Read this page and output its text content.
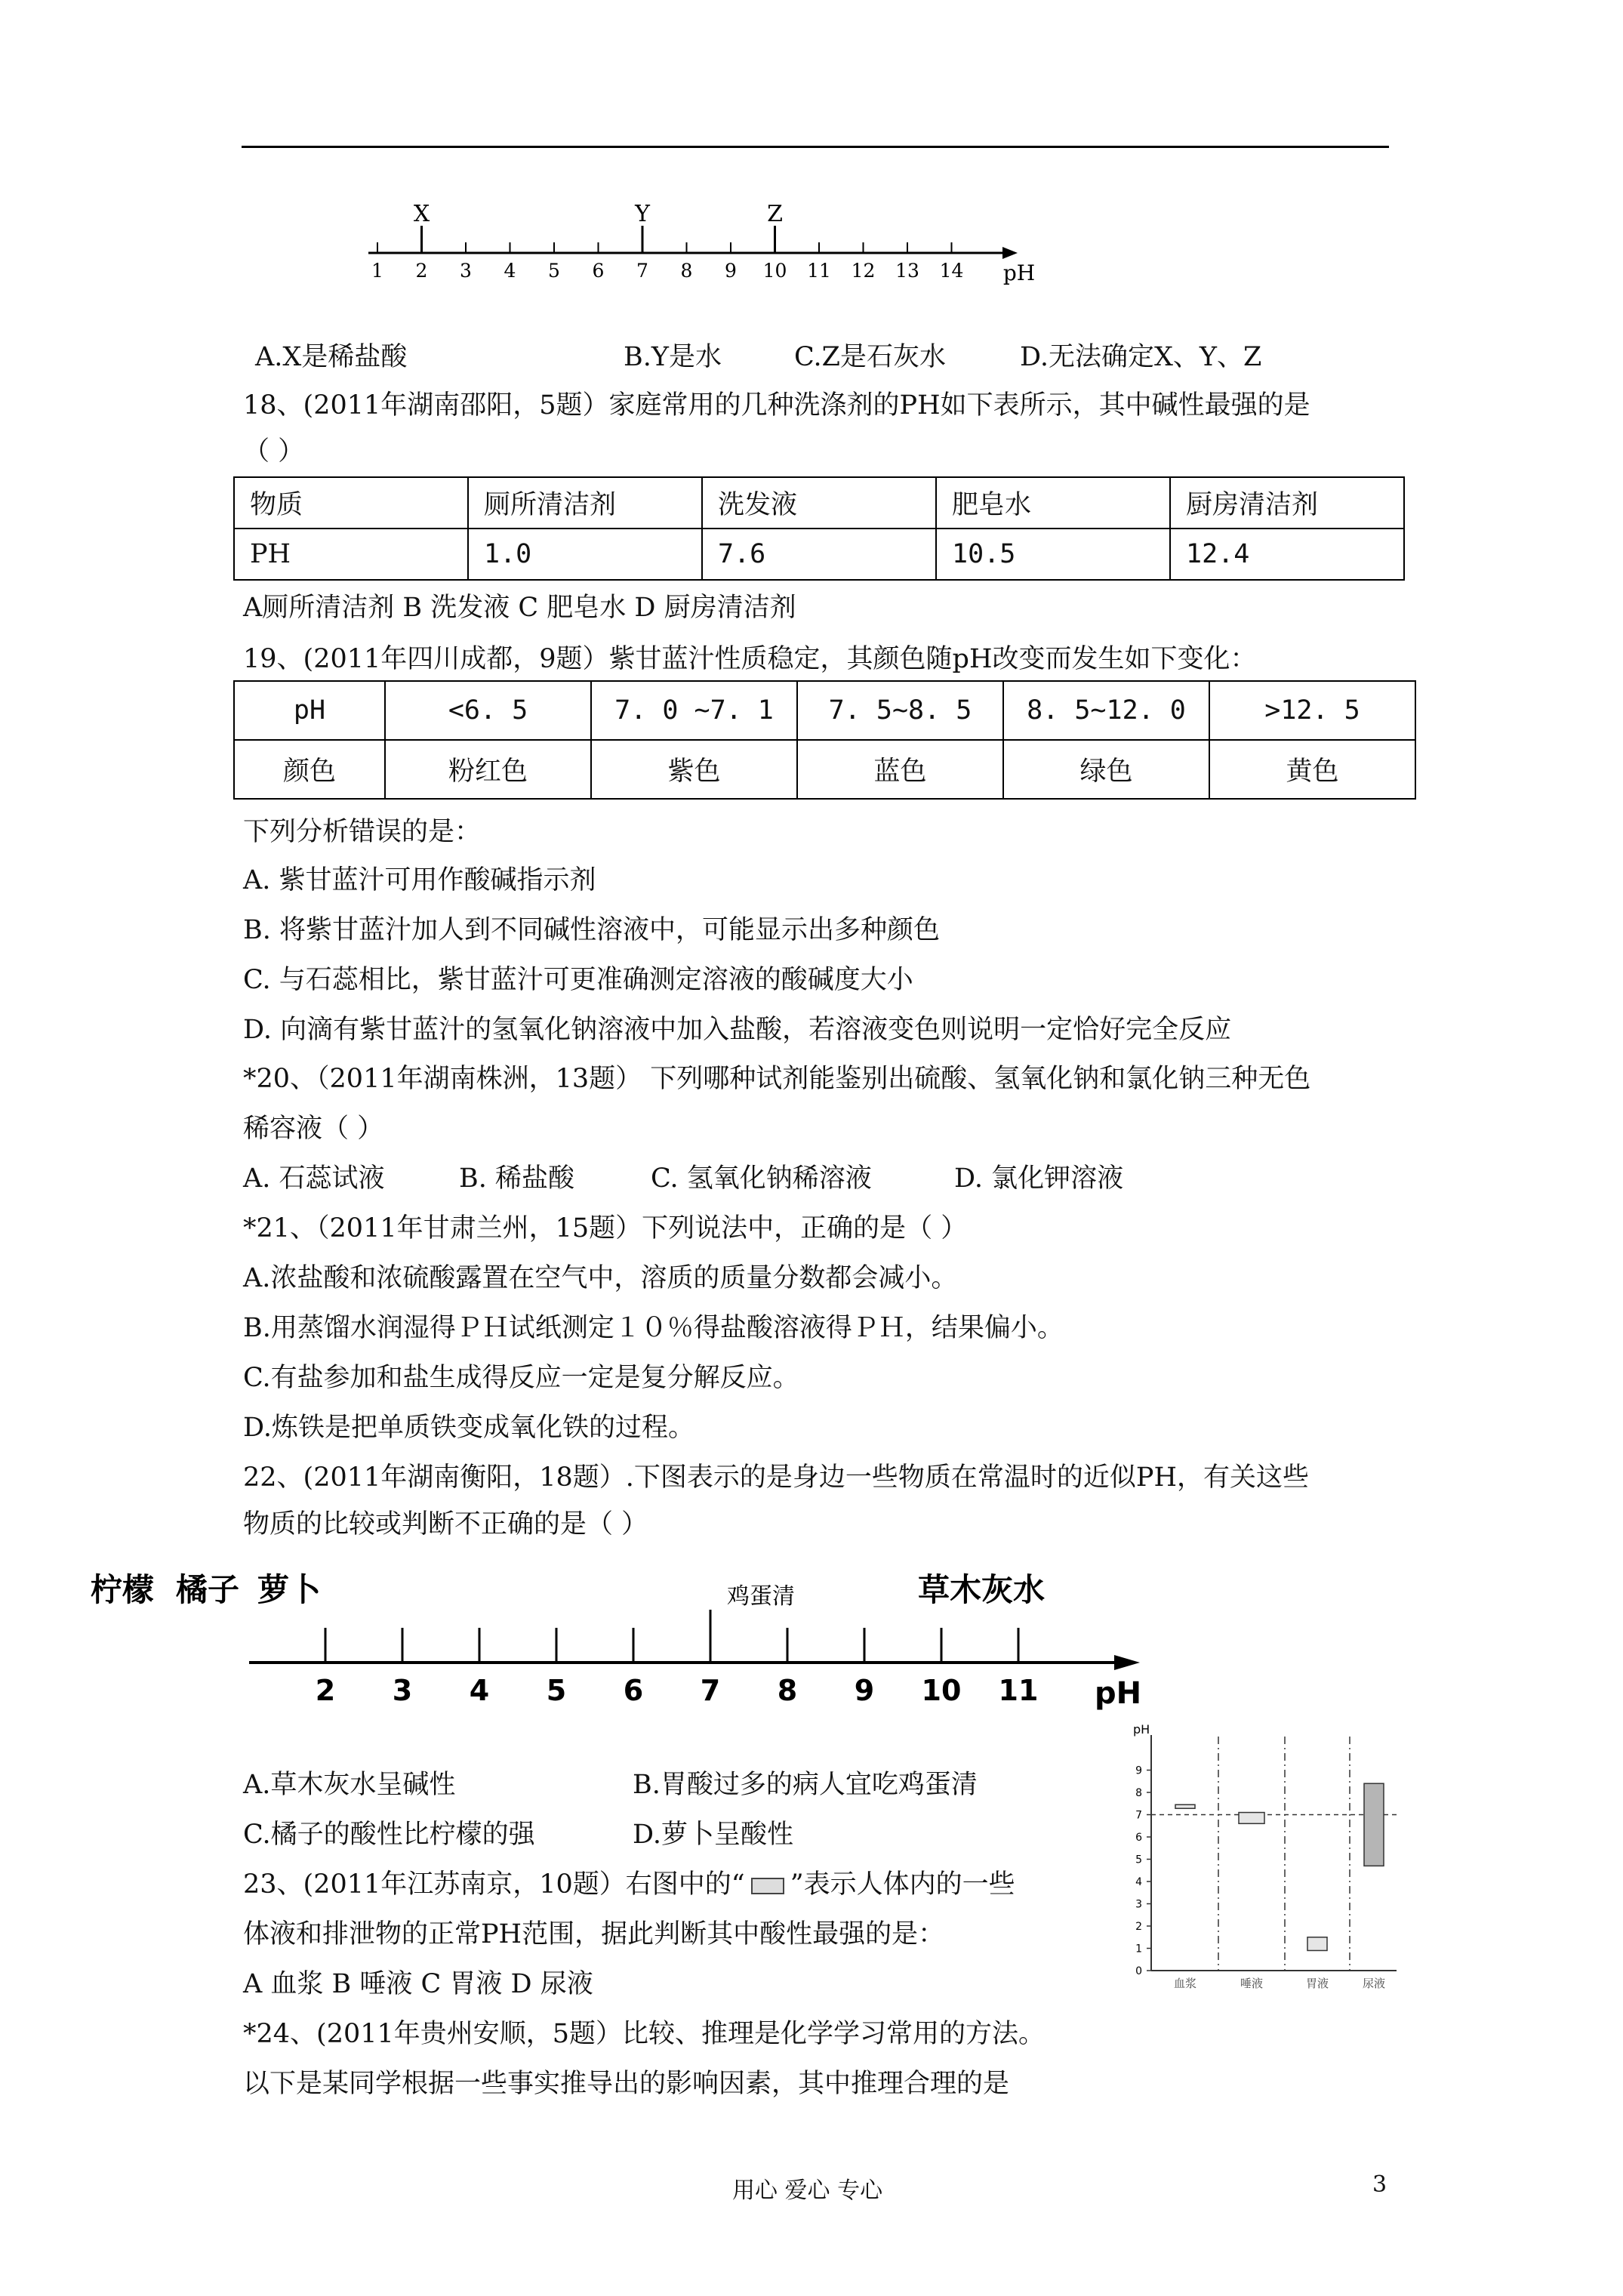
1 2 3 4 5 6 7 8 9 10 11 12 13 14 pH
X	Y	Z
A.X是稀盐酸	B.Y是水	C.Z是石灰水	D.无法确定X、Y、Z
18、(2011年湖南邵阳，5题）家庭常用的几种洗涤剂的PH如下表所示，其中碱性最强的是
（ ）
物质	厕所清洁剂	洗发液	肥皂水	厨房清洁剂
PH	1.0	7.6	10.5	12.4
A厕所清洁剂 B 洗发液 C 肥皂水 D 厨房清洁剂
19、(2011年四川成都，9题）紫甘蓝汁性质稳定，其颜色随pH改变而发生如下变化：
pH	<6. 5	7. 0 ~7. 1	7. 5~8. 5	8. 5~12. 0	>12. 5
颜色	粉红色	紫色	蓝色	绿色	黄色
下列分析错误的是：
A. 紫甘蓝汁可用作酸碱指示剂
B. 将紫甘蓝汁加人到不同碱性溶液中，可能显示出多种颜色
C. 与石蕊相比，紫甘蓝汁可更准确测定溶液的酸碱度大小
D. 向滴有紫甘蓝汁的氢氧化钠溶液中加入盐酸，若溶液变色则说明一定恰好完全反应
*20、（2011年湖南株洲，13题） 下列哪种试剂能鉴别出硫酸、氢氧化钠和氯化钠三种无色
稀容液（ ）
A. 石蕊试液	B. 稀盐酸	C. 氢氧化钠稀溶液	D. 氯化钾溶液
*21、（2011年甘肃兰州，15题）下列说法中，正确的是（ ）
A.浓盐酸和浓硫酸露置在空气中，溶质的质量分数都会减小。
B.用蒸馏水润湿得ＰＨ试纸测定１０％得盐酸溶液得ＰＨ，结果偏小。
C.有盐参加和盐生成得反应一定是复分解反应。
D.炼铁是把单质铁变成氧化铁的过程。
22、(2011年湖南衡阳，18题）.下图表示的是身边一些物质在常温时的近似PH，有关这些
物质的比较或判断不正确的是（ ）
2 3 4 5 6 7 8 9 10 11 pH
柠檬 橘子 萝卜	鸡蛋清	草木灰水
A.草木灰水呈碱性	B.胃酸过多的病人宜吃鸡蛋清
C.橘子的酸性比柠檬的强	D.萝卜呈酸性
23、(2011年江苏南京，10题）右图中的“ ”表示人体内的一些
体液和排泄物的正常PH范围，据此判断其中酸性最强的是：
A 血浆 B 唾液 C 胃液 D 尿液
pH
0
1
2
3
4
5
6
7
8
9
血浆	唾液	胃液	尿液
*24、(2011年贵州安顺，5题）比较、推理是化学学习常用的方法。
以下是某同学根据一些事实推导出的影响因素，其中推理合理的是
用心 爱心 专心	3
